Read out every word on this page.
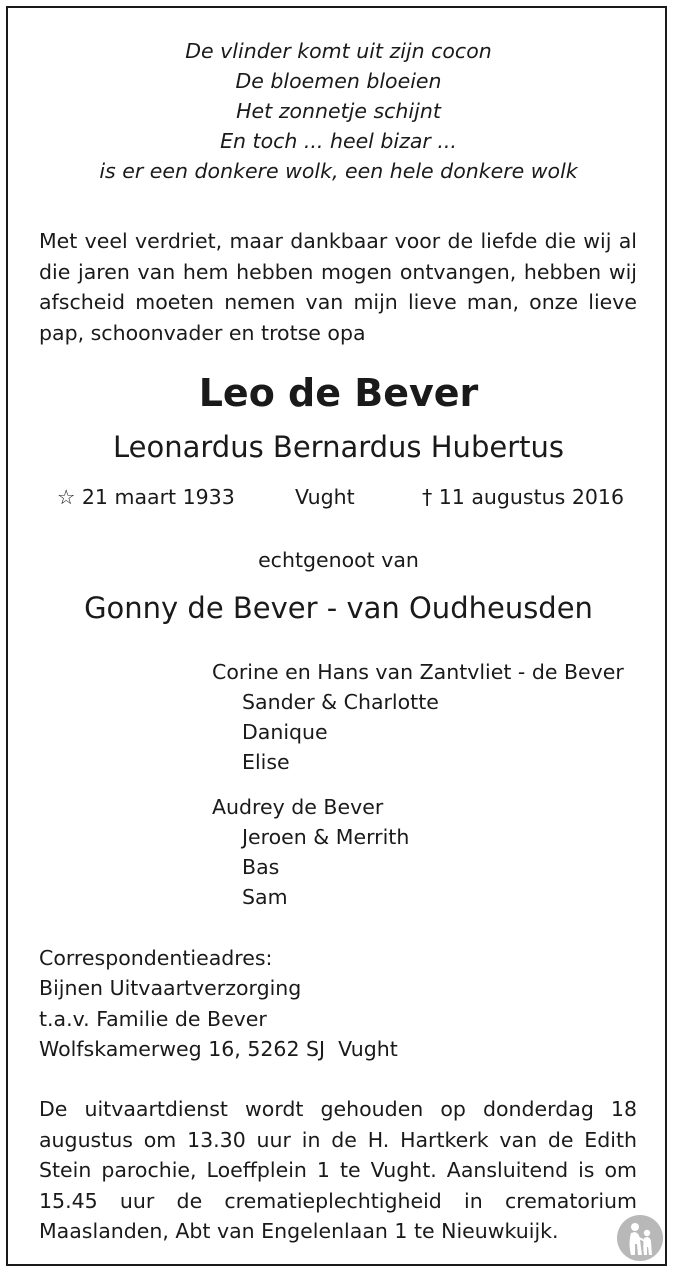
De vlinder komt uit zijn cocon
De bloemen bloeien
Het zonnetje schijnt
En toch ... heel bizar ...
is er een donkere wolk, een hele donkere wolk
Met veel verdriet, maar dankbaar voor de liefde die wij al die jaren van hem hebben mogen ontvangen, hebben wij afscheid moeten nemen van mijn lieve man, onze lieve pap, schoonvader en trotse opa
Leo de Bever
Leonardus Bernardus Hubertus
☆ 21 maart 1933	Vught	† 11 augustus 2016
echtgenoot van
Gonny de Bever - van Oudheusden
Corine en Hans van Zantvliet - de Bever
Sander & Charlotte
Danique
Elise
Audrey de Bever
Jeroen & Merrith
Bas
Sam
Correspondentieadres:
Bijnen Uitvaartverzorging
t.a.v. Familie de Bever
Wolfskamerweg 16, 5262 SJ  Vught
De uitvaartdienst wordt gehouden op donderdag 18 augustus om 13.30 uur in de H. Hartkerk van de Edith Stein parochie, Loeffplein 1 te Vught. Aansluitend is om 15.45 uur de crematieplechtigheid in crematorium Maaslanden, Abt van Engelenlaan 1 te Nieuwkuijk.
